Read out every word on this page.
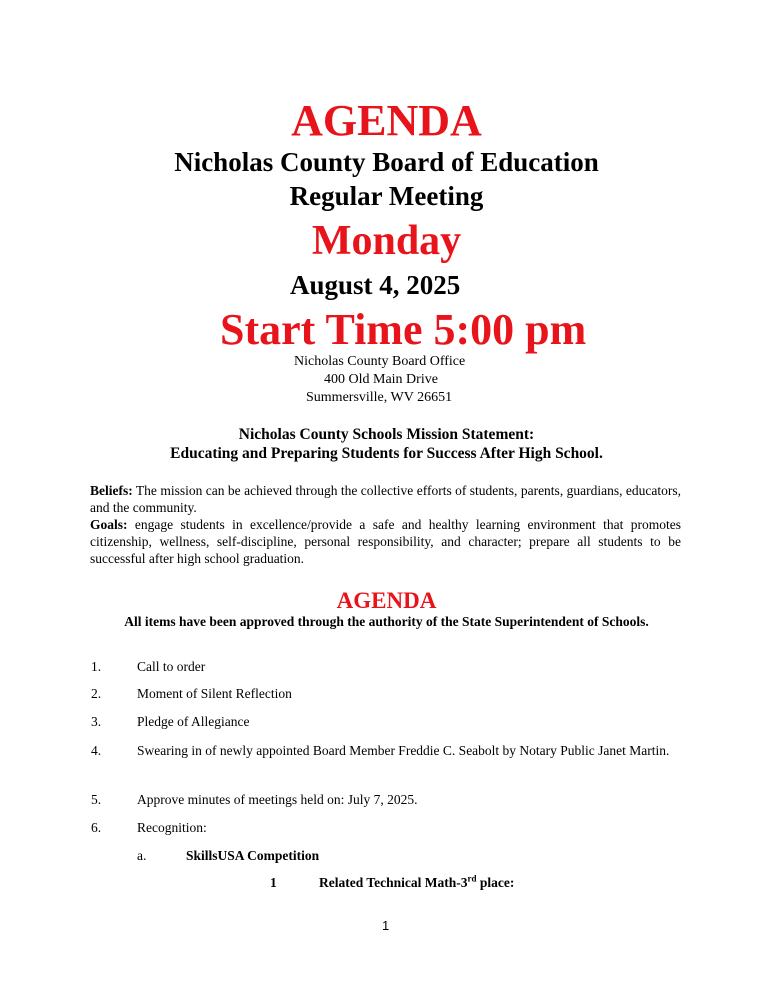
AGENDA
Nicholas County Board of Education
Regular Meeting
Monday
August 4, 2025
Start Time 5:00 pm
Nicholas County Board Office
400 Old Main Drive
Summersville, WV 26651
Nicholas County Schools Mission Statement:
Educating and Preparing Students for Success After High School.

Beliefs: The mission can be achieved through the collective efforts of students, parents, guardians, educators, and the community.

Goals: engage students in excellence/provide a safe and healthy learning environment that promotes citizenship, wellness, self-discipline, personal responsibility, and character; prepare all students to be successful after high school graduation.

AGENDA
All items have been approved through the authority of the State Superintendent of Schools.
1.	Call to order
2.	Moment of Silent Reflection
3.	Pledge of Allegiance
4.	Swearing in of newly appointed Board Member Freddie C. Seabolt by Notary Public Janet Martin.
5.	Approve minutes of meetings held on: July 7, 2025.
6.	Recognition:
a.	SkillsUSA Competition
1	Related Technical Math-3rd place:
1
